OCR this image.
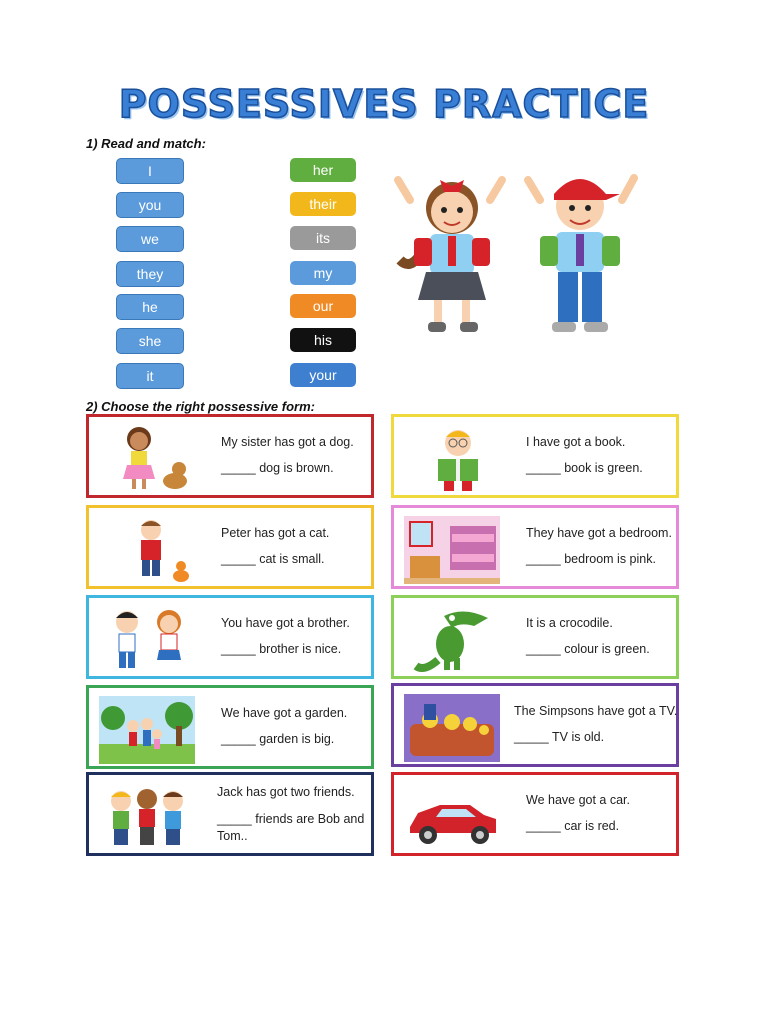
POSSESSIVES PRACTICE
1) Read and match:
I
you
we
they
he
she
it
her
their
its
my
our
his
your
2) Choose the right possessive form:
My sister has got a dog.
_____ dog is brown.
I have got a book.
_____ book is green.
Peter has got a cat.
_____ cat is small.
They have got a bedroom.
_____ bedroom is pink.
You have got a brother.
_____ brother is nice.
It is a crocodile.
_____ colour is green.
We have got a garden.
_____ garden is big.
The Simpsons have got a TV.
_____ TV is old.
Jack has got two friends.
_____ friends are Bob and Tom..
We have got a car.
_____ car is red.
